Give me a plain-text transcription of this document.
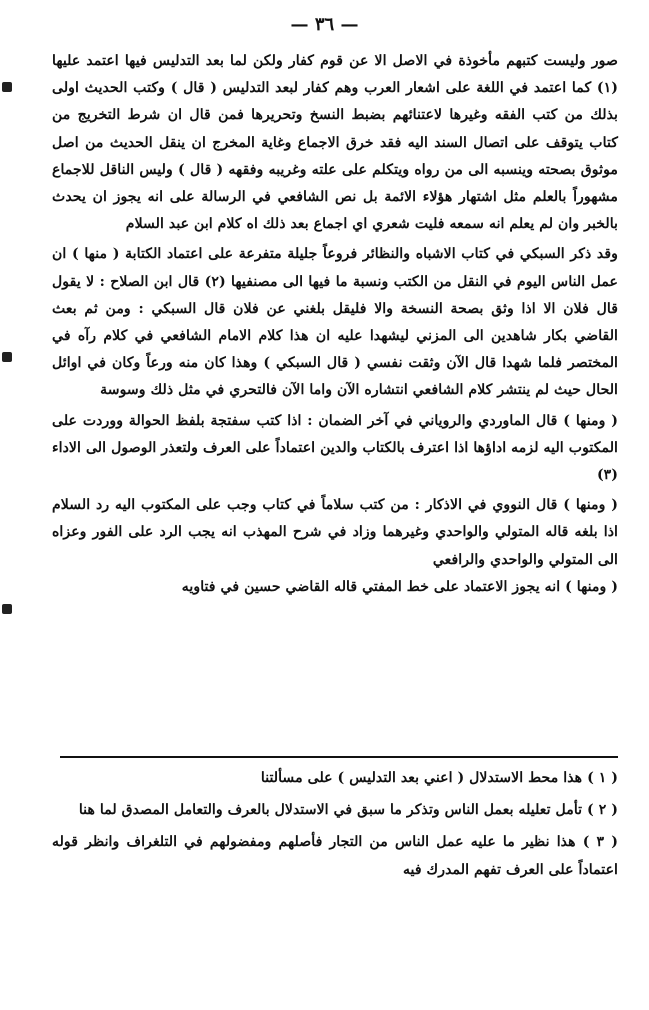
— ٣٦ —

صور وليست كتبهم مأخوذة في الاصل الا عن قوم كفار ولكن لما بعد التدليس فيها اعتمد عليها (١) كما اعتمد في اللغة على اشعار العرب وهم كفار لبعد التدليس ( قال ) وكتب الحديث اولى بذلك من كتب الفقه وغيرها لاعتنائهم بضبط النسخ وتحريرها فمن قال ان شرط التخريج من كتاب يتوقف على اتصال السند اليه فقد خرق الاجماع وغاية المخرج ان ينقل الحديث من اصل موثوق بصحته وينسبه الى من رواه ويتكلم على علته وغريبه وفقهه ( قال ) وليس الناقل للاجماع مشهوراً بالعلم مثل اشتهار هؤلاء الائمة بل نص الشافعي في الرسالة على انه يجوز ان يحدث بالخبر وان لم يعلم انه سمعه فليت شعري اي اجماع بعد ذلك اه كلام ابن عبد السلام

وقد ذكر السبكي في كتاب الاشباه والنظائر فروعاً جليلة متفرعة على اعتماد الكتابة ( منها ) ان عمل الناس اليوم في النقل من الكتب ونسبة ما فيها الى مصنفيها (٢) قال ابن الصلاح : لا يقول قال فلان الا اذا وثق بصحة النسخة والا فليقل بلغني عن فلان قال السبكي : ومن ثم بعث القاضي بكار شاهدين الى المزني ليشهدا عليه ان هذا كلام الامام الشافعي في كلام رآه في المختصر فلما شهدا قال الآن وثقت نفسي ( قال السبكي ) وهذا كان منه ورعاً وكان في اوائل الحال حيث لم ينتشر كلام الشافعي انتشاره الآن واما الآن فالتحري في مثل ذلك وسوسة

( ومنها ) قال الماوردي والروياني في آخر الضمان : اذا كتب سفتجة بلفظ الحوالة ووردت على المكتوب اليه لزمه اداؤها اذا اعترف بالكتاب والدين اعتماداً على العرف ولتعذر الوصول الى الاداء (٣)

( ومنها ) قال النووي في الاذكار : من كتب سلاماً في كتاب وجب على المكتوب اليه رد السلام اذا بلغه قاله المتولي والواحدي وغيرهما وزاد في شرح المهذب انه يجب الرد على الفور وعزاه الى المتولي والواحدي والرافعي

( ومنها ) انه يجوز الاعتماد على خط المفتي قاله القاضي حسين في فتاويه

( ١ ) هذا محط الاستدلال ( اعني بعد التدليس ) على مسألتنا

( ٢ ) تأمل تعليله بعمل الناس وتذكر ما سبق في الاستدلال بالعرف والتعامل المصدق لما هنا

( ٣ ) هذا نظير ما عليه عمل الناس من التجار فأصلهم ومفضولهم في التلغراف وانظر قوله اعتماداً على العرف تفهم المدرك فيه
